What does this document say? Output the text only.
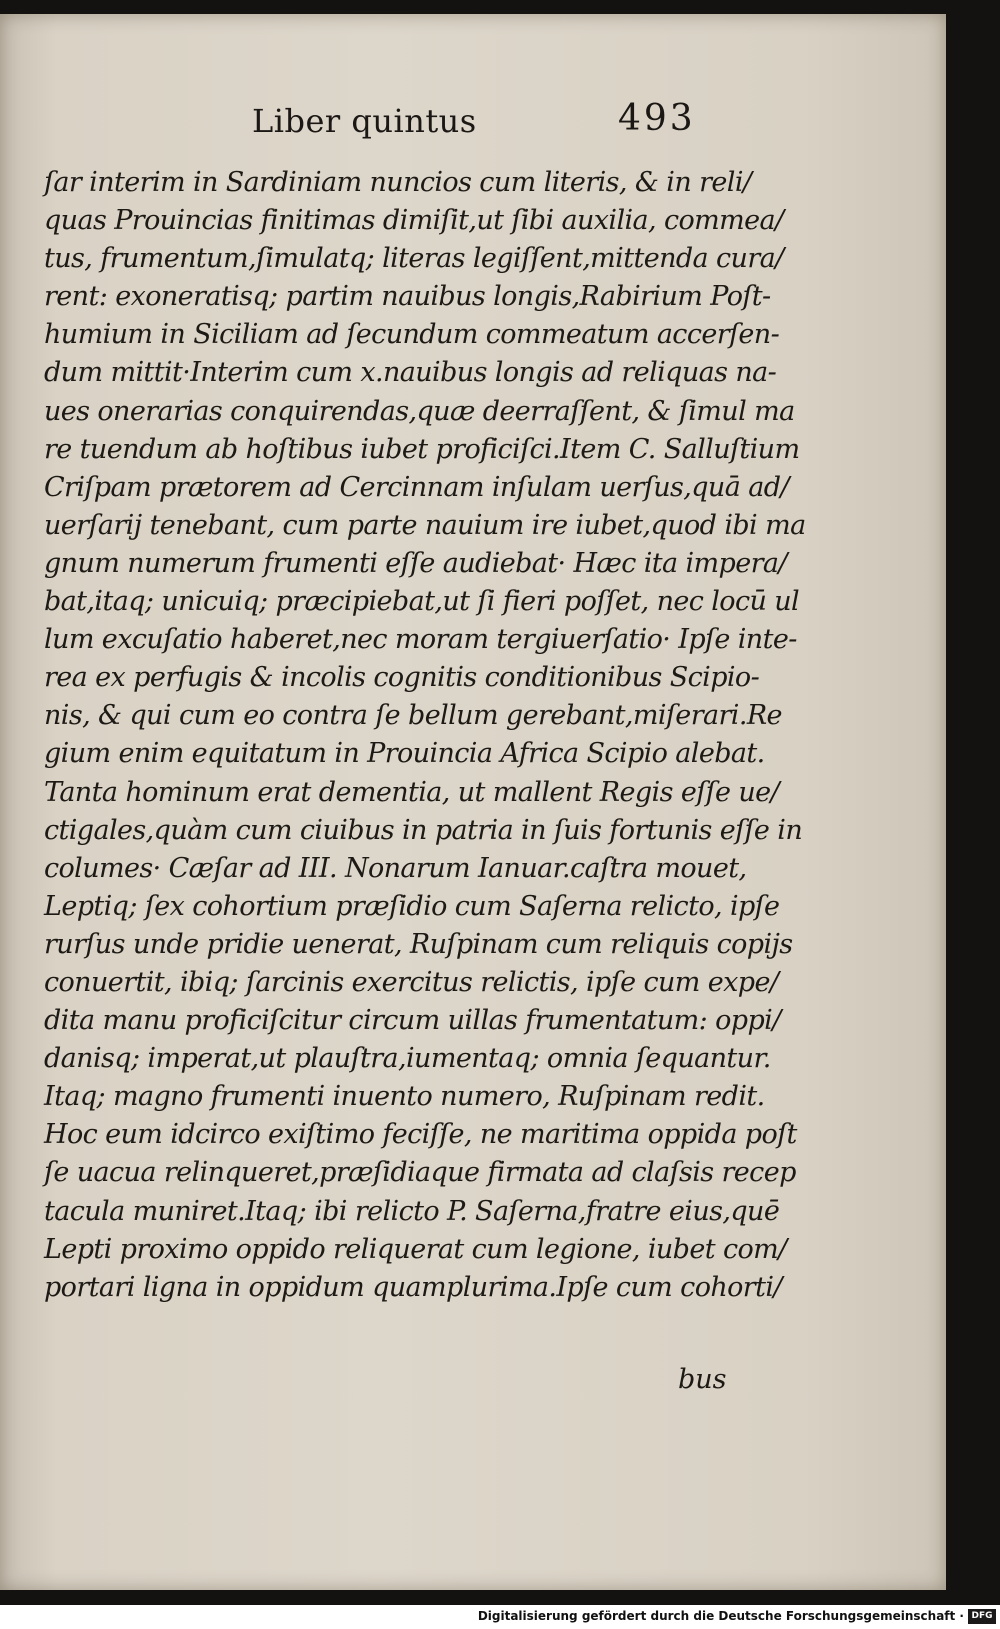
Liber quintus	493
ſar interim in Sardiniam nuncios cum literis, & in reli/
quas Prouincias finitimas dimiſit,ut ſibi auxilia, commea/
tus, frumentum,ſimulatq; literas legiſſent,mittenda cura/
rent: exoneratisq; partim nauibus longis,Rabirium Poſt-
humium in Siciliam ad ſecundum commeatum accerſen-
dum mittit·Interim cum x.nauibus longis ad reliquas na-
ues onerarias conquirendas,quæ deerraſſent, & ſimul ma
re tuendum ab hoſtibus iubet proficiſci.Item C. Salluſtium
Criſpam prætorem ad Cercinnam inſulam uerſus,quā ad/
uerſarij tenebant, cum parte nauium ire iubet,quod ibi ma
gnum numerum frumenti eſſe audiebat· Hæc ita impera/
bat,itaq; unicuiq; præcipiebat,ut ſi fieri poſſet, nec locū ul
lum excuſatio haberet,nec moram tergiuerſatio· Ipſe inte-
rea ex perfugis & incolis cognitis conditionibus Scipio-
nis, & qui cum eo contra ſe bellum gerebant,miſerari.Re
gium enim equitatum in Prouincia Africa Scipio alebat.
Tanta hominum erat dementia, ut mallent Regis eſſe ue/
ctigales,quàm cum ciuibus in patria in ſuis fortunis eſſe in
columes· Cæſar ad III. Nonarum Ianuar.caſtra mouet,
Leptiq; ſex cohortium præſidio cum Saſerna relicto, ipſe
rurſus unde pridie uenerat, Ruſpinam cum reliquis copijs
conuertit, ibiq; ſarcinis exercitus relictis, ipſe cum expe/
dita manu proficiſcitur circum uillas frumentatum: oppi/
danisq; imperat,ut plauſtra,iumentaq; omnia ſequantur.
Itaq; magno frumenti inuento numero, Ruſpinam redit.
Hoc eum idcirco exiſtimo feciſſe, ne maritima oppida poſt
ſe uacua relinqueret,præſidiaque firmata ad claſsis recep
tacula muniret.Itaq; ibi relicto P. Saſerna,fratre eius,quē
Lepti proximo oppido reliquerat cum legione, iubet com/
portari ligna in oppidum quamplurima.Ipſe cum cohorti/
bus
Digitalisierung gefördert durch die Deutsche Forschungsgemeinschaft · DFG
